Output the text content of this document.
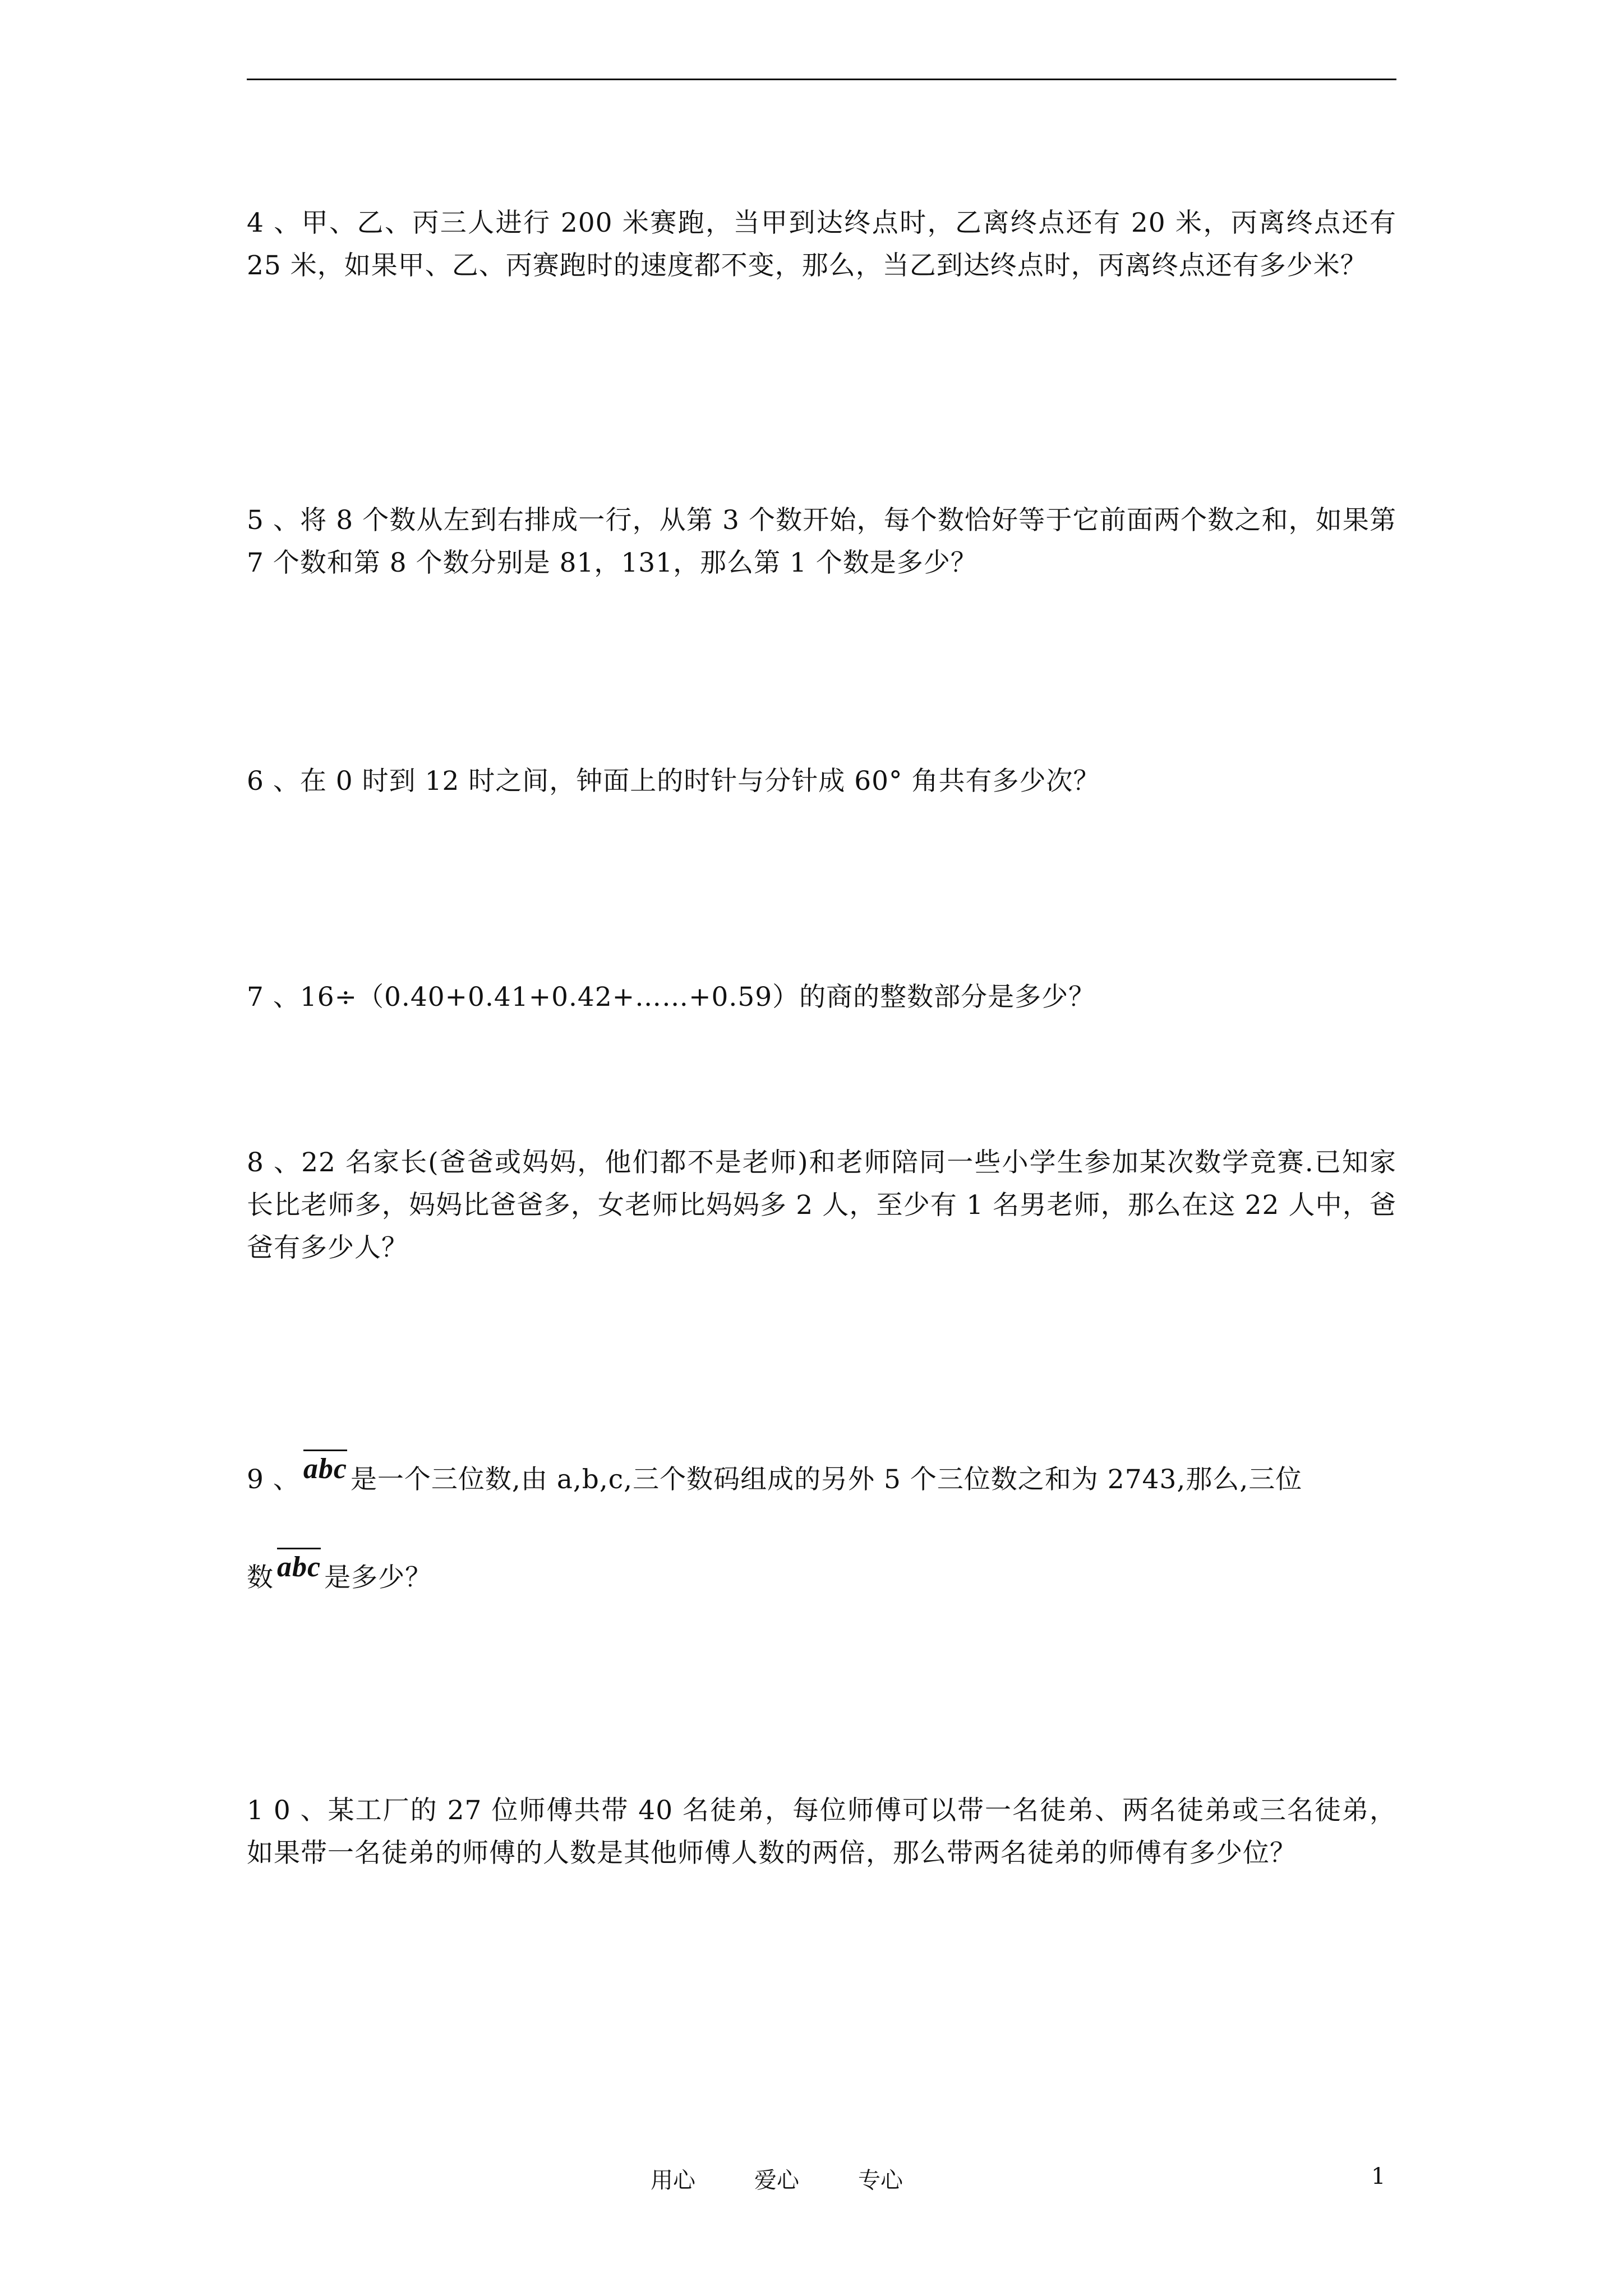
4 、甲、乙、丙三人进行 200 米赛跑，当甲到达终点时，乙离终点还有 20 米，丙离终点还有 25 米，如果甲、乙、丙赛跑时的速度都不变，那么，当乙到达终点时，丙离终点还有多少米？

5 、将 8 个数从左到右排成一行，从第 3 个数开始，每个数恰好等于它前面两个数之和，如果第 7 个数和第 8 个数分别是 81，131，那么第 1 个数是多少？

6 、在 0 时到 12 时之间，钟面上的时针与分针成 60° 角共有多少次？

7 、16÷（0.40+0.41+0.42+……+0.59）的商的整数部分是多少？

8 、22 名家长(爸爸或妈妈，他们都不是老师)和老师陪同一些小学生参加某次数学竞赛.已知家长比老师多，妈妈比爸爸多，女老师比妈妈多 2 人，至少有 1 名男老师，那么在这 22 人中，爸爸有多少人？

9 、 abc 是一个三位数,由 a,b,c,三个数码组成的另外 5 个三位数之和为 2743,那么,三位

数 abc 是多少？

1 0 、某工厂的 27 位师傅共带 40 名徒弟，每位师傅可以带一名徒弟、两名徒弟或三名徒弟，如果带一名徒弟的师傅的人数是其他师傅人数的两倍，那么带两名徒弟的师傅有多少位？

用心	爱心	专心	1
